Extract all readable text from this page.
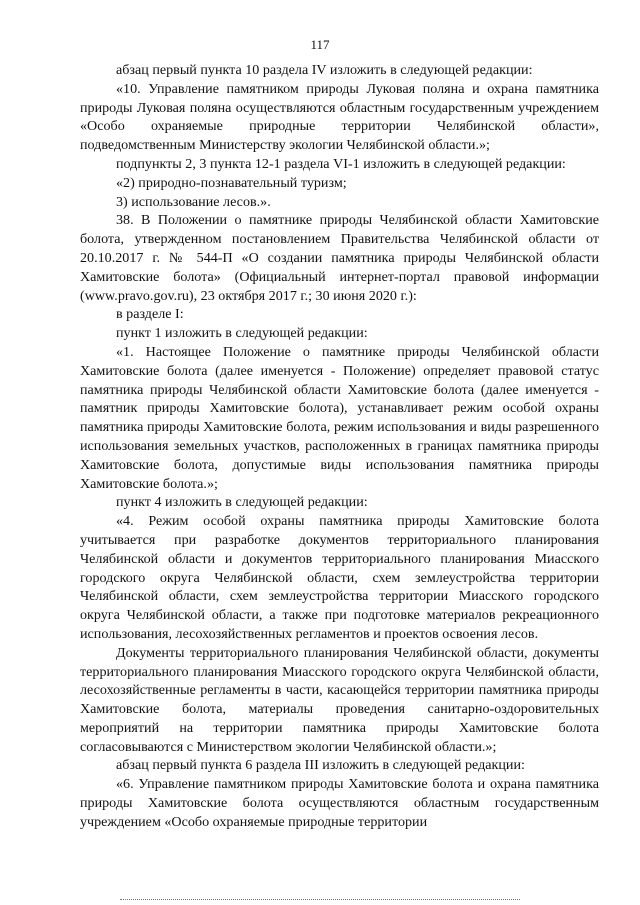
117

абзац первый пункта 10 раздела IV изложить в следующей редакции:

«10. Управление памятником природы Луковая поляна и охрана памятника природы Луковая поляна осуществляются областным государственным учреждением «Особо охраняемые природные территории Челябинской области», подведомственным Министерству экологии Челябинской области.»;

подпункты 2, 3 пункта 12-1 раздела VI-1 изложить в следующей редакции:

«2) природно-познавательный туризм;

3) использование лесов.».

38. В Положении о памятнике природы Челябинской области Хамитовские болота, утвержденном постановлением Правительства Челябинской области от 20.10.2017 г. № 544-П «О создании памятника природы Челябинской области Хамитовские болота» (Официальный интернет-портал правовой информации (www.pravo.gov.ru), 23 октября 2017 г.; 30 июня 2020 г.):

в разделе I:

пункт 1 изложить в следующей редакции:

«1. Настоящее Положение о памятнике природы Челябинской области Хамитовские болота (далее именуется - Положение) определяет правовой статус памятника природы Челябинской области Хамитовские болота (далее именуется - памятник природы Хамитовские болота), устанавливает режим особой охраны памятника природы Хамитовские болота, режим использования и виды разрешенного использования земельных участков, расположенных в границах памятника природы Хамитовские болота, допустимые виды использования памятника природы Хамитовские болота.»;

пункт 4 изложить в следующей редакции:

«4. Режим особой охраны памятника природы Хамитовские болота учитывается при разработке документов территориального планирования Челябинской области и документов территориального планирования Миасского городского округа Челябинской области, схем землеустройства территории Челябинской области, схем землеустройства территории Миасского городского округа Челябинской области, а также при подготовке материалов рекреационного использования, лесохозяйственных регламентов и проектов освоения лесов.

Документы территориального планирования Челябинской области, документы территориального планирования Миасского городского округа Челябинской области, лесохозяйственные регламенты в части, касающейся территории памятника природы Хамитовские болота, материалы проведения санитарно-оздоровительных мероприятий на территории памятника природы Хамитовские болота согласовываются с Министерством экологии Челябинской области.»;

абзац первый пункта 6 раздела III изложить в следующей редакции:

«6. Управление памятником природы Хамитовские болота и охрана памятника природы Хамитовские болота осуществляются областным государственным учреждением «Особо охраняемые природные территории
